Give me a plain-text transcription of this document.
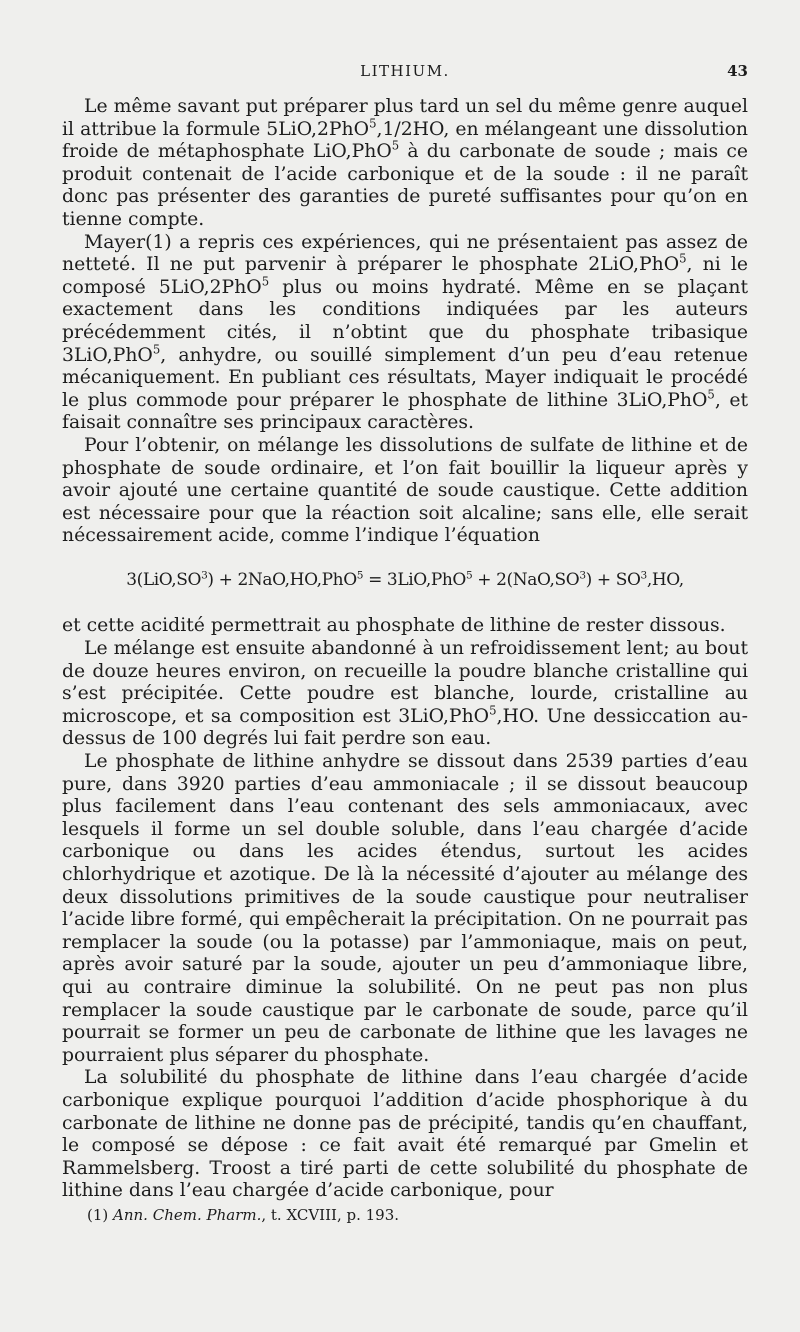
LITHIUM.	43

Le même savant put préparer plus tard un sel du même genre auquel il attribue la formule 5LiO,2PhO$^5$,1/2HO, en mélangeant une dissolution froide de métaphosphate LiO,PhO$^5$ à du carbonate de soude ; mais ce produit contenait de l’acide carbonique et de la soude : il ne paraît donc pas présenter des garanties de pureté suffisantes pour qu’on en tienne compte.

Mayer(1) a repris ces expériences, qui ne présentaient pas assez de netteté. Il ne put parvenir à préparer le phosphate 2LiO,PhO$^5$, ni le composé 5LiO,2PhO$^5$ plus ou moins hydraté. Même en se plaçant exactement dans les conditions indiquées par les auteurs précédemment cités, il n’obtint que du phosphate tribasique 3LiO,PhO$^5$, anhydre, ou souillé simplement d’un peu d’eau retenue mécaniquement. En publiant ces résultats, Mayer indiquait le procédé le plus commode pour préparer le phosphate de lithine 3LiO,PhO$^5$, et faisait connaître ses principaux caractères.

Pour l’obtenir, on mélange les dissolutions de sulfate de lithine et de phosphate de soude ordinaire, et l’on fait bouillir la liqueur après y avoir ajouté une certaine quantité de soude caustique. Cette addition est nécessaire pour que la réaction soit alcaline; sans elle, elle serait nécessairement acide, comme l’indique l’équation

$3(LiO,SO^3) + 2NaO,HO,PhO^5 = 3LiO,PhO^5 + 2(NaO,SO^3) + SO^3,HO$,

et cette acidité permettrait au phosphate de lithine de rester dissous.

Le mélange est ensuite abandonné à un refroidissement lent; au bout de douze heures environ, on recueille la poudre blanche cristalline qui s’est précipitée. Cette poudre est blanche, lourde, cristalline au microscope, et sa composition est 3LiO,PhO$^5$,HO. Une dessiccation au-dessus de 100 degrés lui fait perdre son eau.

Le phosphate de lithine anhydre se dissout dans 2539 parties d’eau pure, dans 3920 parties d’eau ammoniacale ; il se dissout beaucoup plus facilement dans l’eau contenant des sels ammoniacaux, avec lesquels il forme un sel double soluble, dans l’eau chargée d’acide carbonique ou dans les acides étendus, surtout les acides chlorhydrique et azotique. De là la nécessité d’ajouter au mélange des deux dissolutions primitives de la soude caustique pour neutraliser l’acide libre formé, qui empêcherait la précipitation. On ne pourrait pas remplacer la soude (ou la potasse) par l’ammoniaque, mais on peut, après avoir saturé par la soude, ajouter un peu d’ammoniaque libre, qui au contraire diminue la solubilité. On ne peut pas non plus remplacer la soude caustique par le carbonate de soude, parce qu’il pourrait se former un peu de carbonate de lithine que les lavages ne pourraient plus séparer du phosphate.

La solubilité du phosphate de lithine dans l’eau chargée d’acide carbonique explique pourquoi l’addition d’acide phosphorique à du carbonate de lithine ne donne pas de précipité, tandis qu’en chauffant, le composé se dépose : ce fait avait été remarqué par Gmelin et Rammelsberg. Troost a tiré parti de cette solubilité du phosphate de lithine dans l’eau chargée d’acide carbonique, pour

(1) Ann. Chem. Pharm., t. XCVIII, p. 193.
